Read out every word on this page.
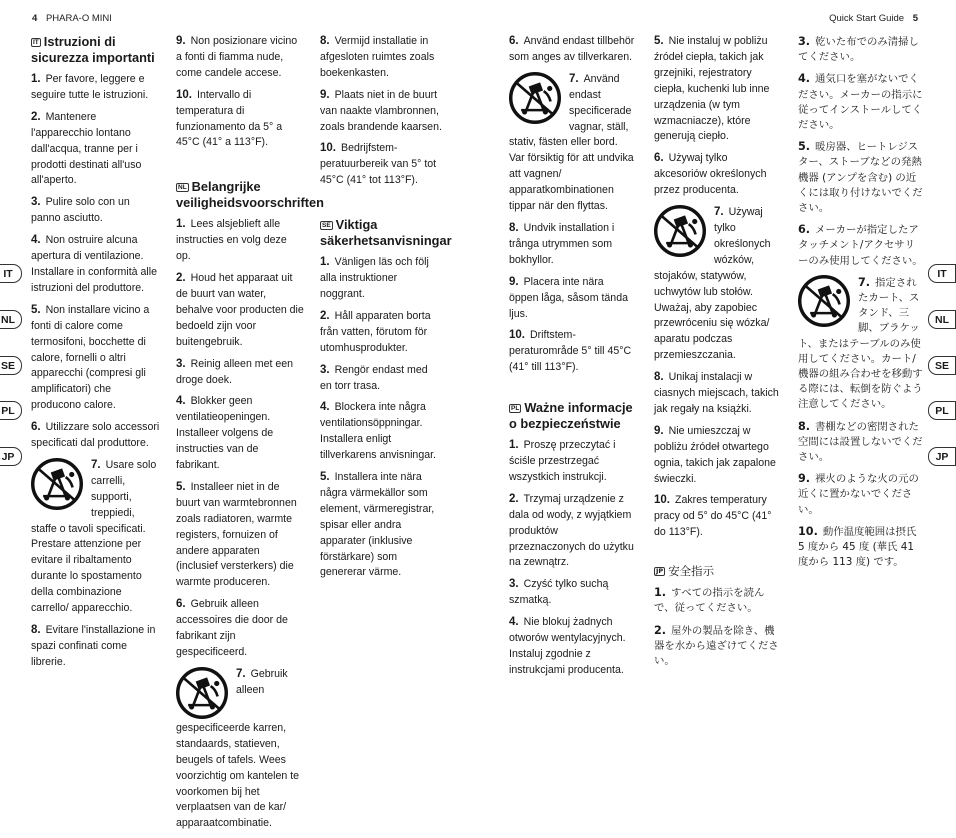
4 PHARA-O MINI	Quick Start Guide 5
IT
NL
SE
PL
JP
IT
NL
SE
PL
JP
IT Istruzioni di sicurezza importanti
1. Per favore, leggere e seguire tutte le istruzioni.
2. Mantenere l'apparecchio lontano dall'acqua, tranne per i prodotti destinati all'uso all'aperto.
3. Pulire solo con un panno asciutto.
4. Non ostruire alcuna apertura di ventilazione. Installare in conformità alle istruzioni del produttore.
5. Non installare vicino a fonti di calore come termosifoni, bocchette di calore, fornelli o altri apparecchi (compresi gli amplificatori) che producono calore.
6. Utilizzare solo accessori specificati dal produttore.
7. Usare solo carrelli, supporti, treppiedi, staffe o tavoli specificati. Prestare attenzione per evitare il ribaltamento durante lo spostamento della combinazione carrello/ apparecchio.
8. Evitare l'installazione in spazi confinati come librerie.
9. Non posizionare vicino a fonti di fiamma nude, come candele accese.
10. Intervallo di temperatura di funzionamento da 5° a 45°C (41° a 113°F).
NL Belangrijke veiligheidsvoorschriften
1. Lees alsjeblieft alle instructies en volg deze op.
2. Houd het apparaat uit de buurt van water, behalve voor producten die bedoeld zijn voor buitengebruik.
3. Reinig alleen met een droge doek.
4. Blokker geen ventilatieopeningen. Installeer volgens de instructies van de fabrikant.
5. Installeer niet in de buurt van warmtebronnen zoals radiatoren, warmte registers, fornuizen of andere apparaten (inclusief versterkers) die warmte produceren.
6. Gebruik alleen accessoires die door de fabrikant zijn gespecificeerd.
7. Gebruik alleen gespecificeerde karren, standaards, statieven, beugels of tafels. Wees voorzichtig om kantelen te voorkomen bij het verplaatsen van de kar/ apparaatcombinatie.
8. Vermijd installatie in afgesloten ruimtes zoals boekenkasten.
9. Plaats niet in de buurt van naakte vlambronnen, zoals brandende kaarsen.
10. Bedrijfstem-peratuurbereik van 5° tot 45°C (41° tot 113°F).
SE Viktiga säkerhetsanvisningar
1. Vänligen läs och följ alla instruktioner noggrant.
2. Håll apparaten borta från vatten, förutom för utomhusprodukter.
3. Rengör endast med en torr trasa.
4. Blockera inte några ventilationsöppningar. Installera enligt tillverkarens anvisningar.
5. Installera inte nära några värmekällor som element, värmeregistrar, spisar eller andra apparater (inklusive förstärkare) som genererar värme.
6. Använd endast tillbehör som anges av tillverkaren.
7. Använd endast specificerade vagnar, ställ, stativ, fästen eller bord. Var försiktig för att undvika att vagnen/ apparatkombinationen tippar när den flyttas.
8. Undvik installation i trånga utrymmen som bokhyllor.
9. Placera inte nära öppen låga, såsom tända ljus.
10. Driftstem-peraturområde 5° till 45°C (41° till 113°F).
PL Ważne informacje o bezpieczeństwie
1. Proszę przeczytać i ściśle przestrzegać wszystkich instrukcji.
2. Trzymaj urządzenie z dala od wody, z wyjątkiem produktów przeznaczonych do użytku na zewnątrz.
3. Czyść tylko suchą szmatką.
4. Nie blokuj żadnych otworów wentylacyjnych. Instaluj zgodnie z instrukcjami producenta.
5. Nie instaluj w pobliżu źródeł ciepła, takich jak grzejniki, rejestratory ciepła, kuchenki lub inne urządzenia (w tym wzmacniacze), które generują ciepło.
6. Używaj tylko akcesoriów określonych przez producenta.
7. Używaj tylko określonych wózków, stojaków, statywów, uchwytów lub stołów. Uważaj, aby zapobiec przewróceniu się wózka/ aparatu podczas przemieszczania.
8. Unikaj instalacji w ciasnych miejscach, takich jak regały na książki.
9. Nie umieszczaj w pobliżu źródeł otwartego ognia, takich jak zapalone świeczki.
10. Zakres temperatury pracy od 5° do 45°C (41° do 113°F).
JP 安全指示
1. すべての指示を読んで、従ってください。
2. 屋外の製品を除き、機器を水から遠ざけてください。
3. 乾いた布でのみ清掃してください。
4. 通気口を塞がないでください。メーカーの指示に従ってインストールしてください。
5. 暖房器、ヒートレジスター、ストーブなどの発熱機器 (アンプを含む) の近くには取り付けないでください。
6. メーカーが指定したアタッチメント/アクセサリーのみ使用してください。
7. 指定されたカート、スタンド、三脚、ブラケット、またはテーブルのみ使用してください。カート/機器の組み合わせを移動する際には、転倒を防ぐよう注意してください。
8. 書棚などの密閉された空間には設置しないでください。
9. 裸火のような火の元の近くに置かないでください。
10. 動作温度範囲は摂氏 5 度から 45 度 (華氏 41 度から 113 度) です。
